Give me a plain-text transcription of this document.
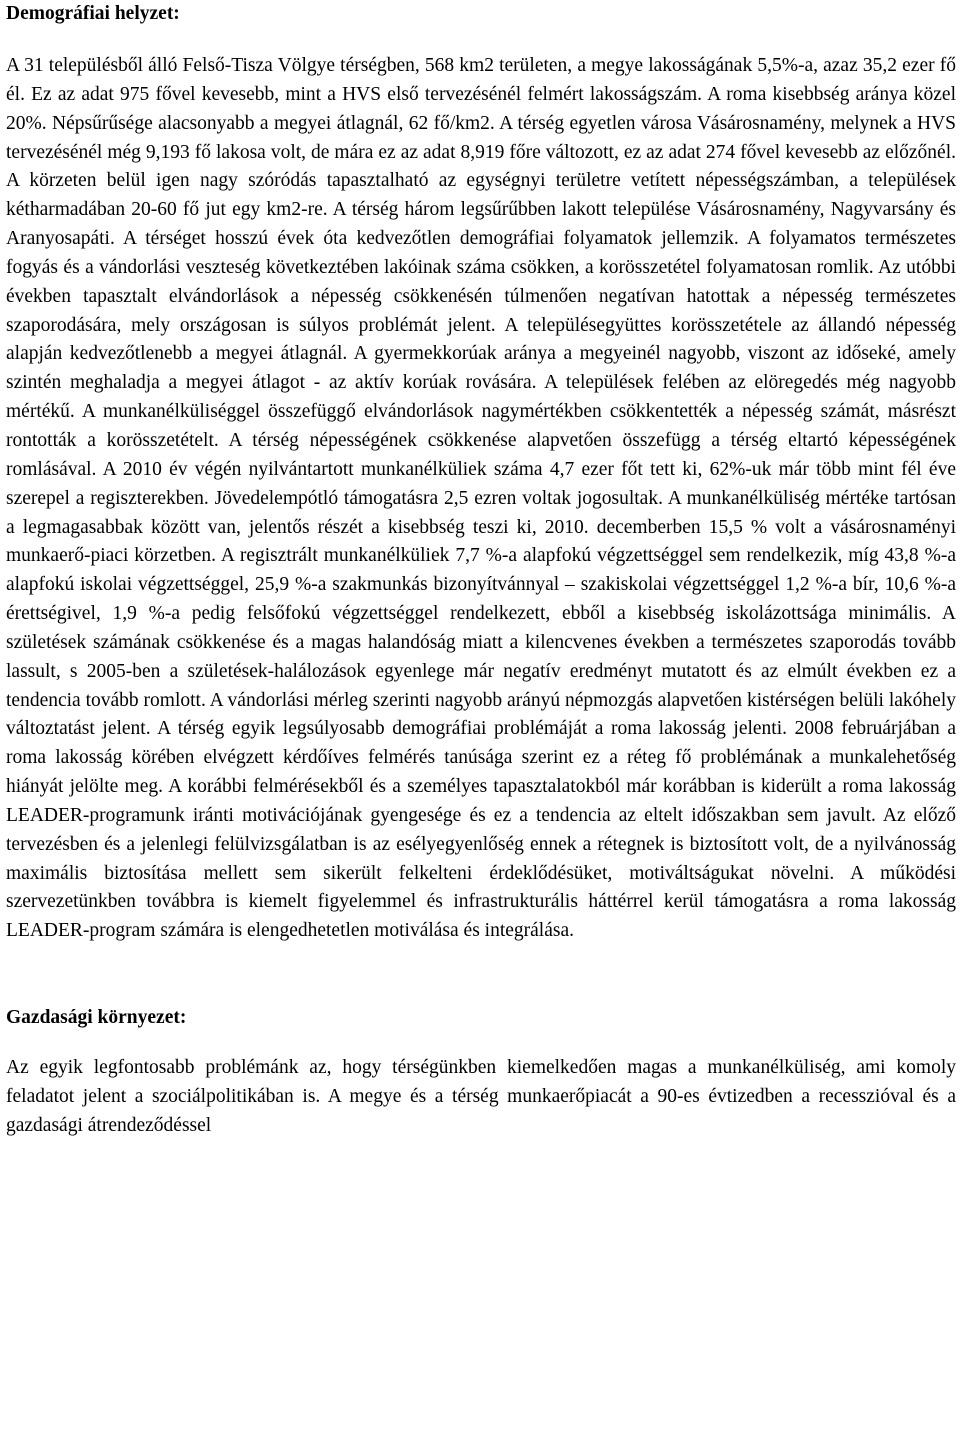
Demográfiai helyzet:

A 31 településből álló Felső-Tisza Völgye térségben, 568 km2 területen, a megye lakosságának 5,5%-a, azaz 35,2 ezer fő él. Ez az adat 975 fővel kevesebb, mint a HVS első tervezésénél felmért lakosságszám. A roma kisebbség aránya közel 20%. Népsűrűsége alacsonyabb a megyei átlagnál, 62 fő/km2. A térség egyetlen városa Vásárosnamény, melynek a HVS tervezésénél még 9,193 fő lakosa volt, de mára ez az adat 8,919 főre változott, ez az adat 274 fővel kevesebb az előzőnél. A körzeten belül igen nagy szóródás tapasztalható az egységnyi területre vetített népességszámban, a települések kétharmadában 20-60 fő jut egy km2-re. A térség három legsűrűbben lakott települése Vásárosnamény, Nagyvarsány és Aranyosapáti. A térséget hosszú évek óta kedvezőtlen demográfiai folyamatok jellemzik. A folyamatos természetes fogyás és a vándorlási veszteség következtében lakóinak száma csökken, a korösszetétel folyamatosan romlik. Az utóbbi években tapasztalt elvándorlások a népesség csökkenésén túlmenően negatívan hatottak a népesség természetes szaporodására, mely országosan is súlyos problémát jelent. A településegyüttes korösszetétele az állandó népesség alapján kedvezőtlenebb a megyei átlagnál. A gyermekkorúak aránya a megyeinél nagyobb, viszont az időseké, amely szintén meghaladja a megyei átlagot - az aktív korúak rovására. A települések felében az elöregedés még nagyobb mértékű. A munkanélküliséggel összefüggő elvándorlások nagymértékben csökkentették a népesség számát, másrészt rontották a korösszetételt. A térség népességének csökkenése alapvetően összefügg a térség eltartó képességének romlásával. A 2010 év végén nyilvántartott munkanélküliek száma 4,7 ezer főt tett ki, 62%-uk már több mint fél éve szerepel a regiszterekben. Jövedelempótló támogatásra 2,5 ezren voltak jogosultak. A munkanélküliség mértéke tartósan a legmagasabbak között van, jelentős részét a kisebbség teszi ki, 2010. decemberben 15,5 % volt a vásárosnaményi munkaerő-piaci körzetben. A regisztrált munkanélküliek 7,7 %-a alapfokú végzettséggel sem rendelkezik, míg 43,8 %-a alapfokú iskolai végzettséggel, 25,9 %-a szakmunkás bizonyítvánnyal – szakiskolai végzettséggel 1,2 %-a bír, 10,6 %-a érettségivel, 1,9 %-a pedig felsőfokú végzettséggel rendelkezett, ebből a kisebbség iskolázottsága minimális. A születések számának csökkenése és a magas halandóság miatt a kilencvenes években a természetes szaporodás tovább lassult, s 2005-ben a születések-halálozások egyenlege már negatív eredményt mutatott és az elmúlt években ez a tendencia tovább romlott. A vándorlási mérleg szerinti nagyobb arányú népmozgás alapvetően kistérségen belüli lakóhely változtatást jelent. A térség egyik legsúlyosabb demográfiai problémáját a roma lakosság jelenti. 2008 februárjában a roma lakosság körében elvégzett kérdőíves felmérés tanúsága szerint ez a réteg fő problémának a munkalehetőség hiányát jelölte meg. A korábbi felmérésekből és a személyes tapasztalatokból már korábban is kiderült a roma lakosság LEADER-programunk iránti motivációjának gyengesége és ez a tendencia az eltelt időszakban sem javult. Az előző tervezésben és a jelenlegi felülvizsgálatban is az esélyegyenlőség ennek a rétegnek is biztosított volt, de a nyilvánosság maximális biztosítása mellett sem sikerült felkelteni érdeklődésüket, motiváltságukat növelni. A működési szervezetünkben továbbra is kiemelt figyelemmel és infrastrukturális háttérrel kerül támogatásra a roma lakosság LEADER-program számára is elengedhetetlen motiválása és integrálása.

Gazdasági környezet:

Az egyik legfontosabb problémánk az, hogy térségünkben kiemelkedően magas a munkanélküliség, ami komoly feladatot jelent a szociálpolitikában is. A megye és a térség munkaerőpiacát a 90-es évtizedben a recesszióval és a gazdasági átrendeződéssel
